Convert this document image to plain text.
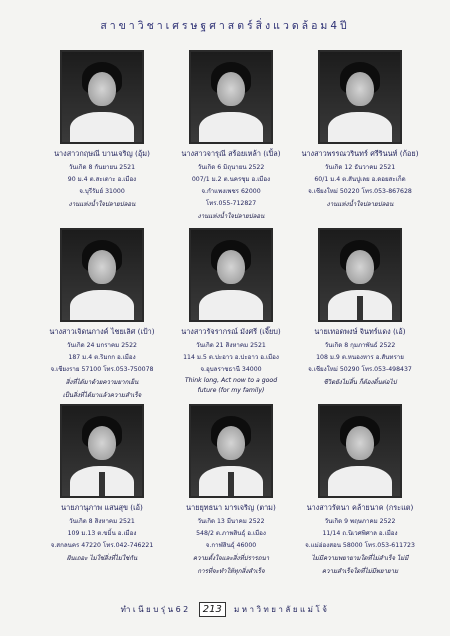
สาขาวิชาเศรษฐศาสตร์สิ่งแวดล้อม4ปี
นางสาวกฤษณี บานเจริญ (อุ้ม)
วันเกิด 8 กันยายน 2521
90 ม.4 ต.สะเดาะ อ.เมือง
จ.บุรีรัมย์ 31000
งานแห่งน้ำใจปลายปลอน
นางสาวจารุณี สร้อยเหล้า (เปิ้ล)
วันเกิด 6 มิถุนายน 2522
007/1 ม.2 ต.นครชุม อ.เมือง
จ.กำแพงเพชร 62000
โทร.055-712827
งานแห่งน้ำใจปลายปลอน
นางสาวพรรณวรินทร์ ศรีรินนท์ (ก้อย)
วันเกิด 12 ธันวาคม 2521
60/1 ม.4 ต.สันปูเลย อ.ดอยสะเก็ด
จ.เชียงใหม่ 50220 โทร.053-867628
งานแห่งน้ำใจปลายปลอน
นางสาวเจิดนภางค์ ไชยเลิศ (เป้า)
วันเกิด 24 มกราคม 2522
187 ม.4 ต.ริมกก อ.เมือง
จ.เชียงราย 57100 โทร.053-750078
สิ่งที่ได้มาด้วยความยากเย็น
เป็นสิ่งที่ได้มาแล้วความสำเร็จ
นางสาวรัจรากรณ์ มังศรี (เจี๊ยบ)
วันเกิด 21 สิงหาคม 2521
114 ม.5 ต.ปะอาว อ.ปะอาว อ.เมือง
จ.อุบลราชธานี 34000
Think long, Act now to a good
future (for my family)
นายเทอดพงษ์ จินทร์แดง (เอ้)
วันเกิด 8 กุมภาพันธ์ 2522
108 ม.9 ต.หนองหาร อ.สันทราย
จ.เชียงใหม่ 50290 โทร.053-498437
ชีวิตยังไม่สิ้น ก็ต้องดิ้นต่อไป
นายภานุภาพ แสนสุข (เอ้)
วันเกิด 8 สิงหาคม 2521
109 ม.13 ต.ขมิ้น อ.เมือง
จ.สกลนคร 47220 โทร.042-746221
ฝันเถอะ ไม่ใช่สิ่งที่ไม่ใช่กัน
นายยุทธนา มารเจริญ (ตาม)
วันเกิด 13 มีนาคม 2522
548/2 ต.ภาพสินธุ์ อ.เมือง
จ.กาฬสินธุ์ 46000
ความตั้งใจและสิ่งที่ปรารถนา
การที่จะทำให้ทุกสิ่งสำเร็จ
นางสาวรัตนา คล้ายนาค (กระแต)
วันเกิด 9 พฤษภาคม 2522
11/14 ถ.นิเวศพิศาล อ.เมือง
จ.แม่ฮ่องสอน 58000 โทร.053-611723
ไม่มีความพยายามใดที่ไม่สำเร็จ ไม่มี
ความสำเร็จใดที่ไม่มีพยายาม
ทำเนียบรุ่น62 213 มหาวิทยาลัยแม่โจ้
